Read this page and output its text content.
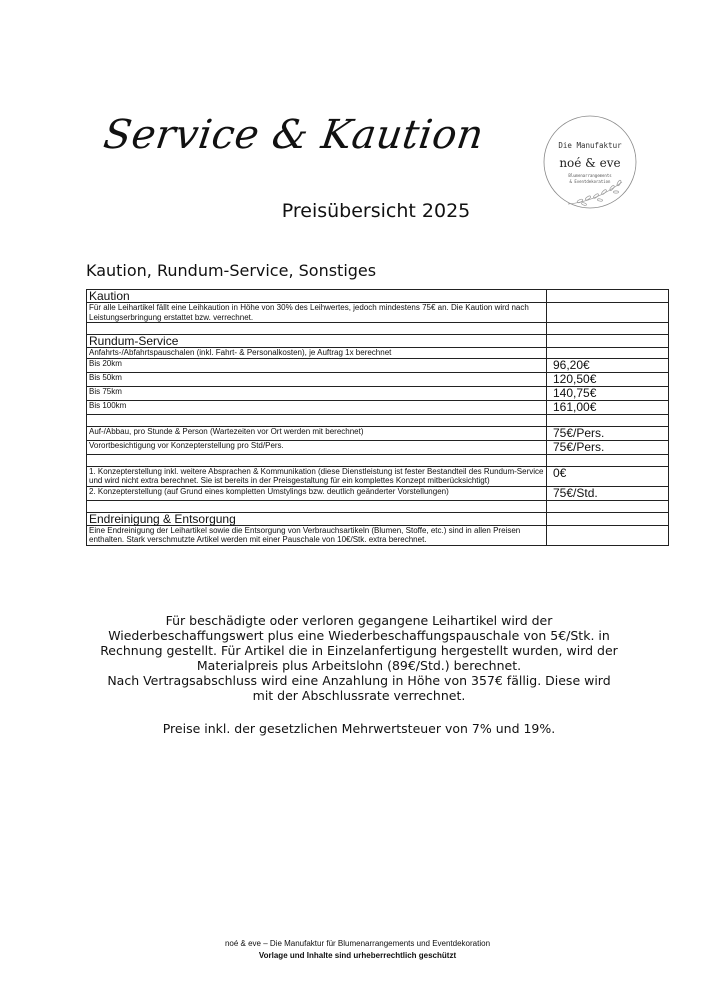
Service & Kaution	Die Manufaktur
noé & eve
Blumenarrangements
& Eventdekoration
Preisübersicht 2025
Kaution, Rundum-Service, Sonstiges
Kaution	
Für alle Leihartikel fällt eine Leihkaution in Höhe von 30% des Leihwertes, jedoch mindestens 75€ an. Die Kaution wird nach Leistungserbringung erstattet bzw. verrechnet.	

Rundum-Service	
Anfahrts-/Abfahrtspauschalen (inkl. Fahrt- & Personalkosten), je Auftrag 1x berechnet	
Bis 20km	96,20€
Bis 50km	120,50€
Bis 75km	140,75€
Bis 100km	161,00€

Auf-/Abbau, pro Stunde & Person (Wartezeiten vor Ort werden mit berechnet)	75€/Pers.
Vorortbesichtigung vor Konzepterstellung pro Std/Pers.	75€/Pers.

1. Konzepterstellung inkl. weitere Absprachen & Kommunikation (diese Dienstleistung ist fester Bestandteil des Rundum-Service und wird nicht extra berechnet. Sie ist bereits in der Preisgestaltung für ein komplettes Konzept mitberücksichtigt)	0€
2. Konzepterstellung (auf Grund eines kompletten Umstylings bzw. deutlich geänderter Vorstellungen)	75€/Std.

Endreinigung & Entsorgung	
Eine Endreinigung der Leihartikel sowie die Entsorgung von Verbrauchsartikeln (Blumen, Stoffe, etc.) sind in allen Preisen enthalten. Stark verschmutzte Artikel werden mit einer Pauschale von 10€/Stk. extra berechnet.	

Für beschädigte oder verloren gegangene Leihartikel wird der Wiederbeschaffungswert plus eine Wiederbeschaffungspauschale von 5€/Stk. in Rechnung gestellt. Für Artikel die in Einzelanfertigung hergestellt wurden, wird der Materialpreis plus Arbeitslohn (89€/Std.) berechnet.

Nach Vertragsabschluss wird eine Anzahlung in Höhe von 357€ fällig. Diese wird mit der Abschlussrate verrechnet.

Preise inkl. der gesetzlichen Mehrwertsteuer von 7% und 19%.
noé & eve – Die Manufaktur für Blumenarrangements und Eventdekoration
Vorlage und Inhalte sind urheberrechtlich geschützt
